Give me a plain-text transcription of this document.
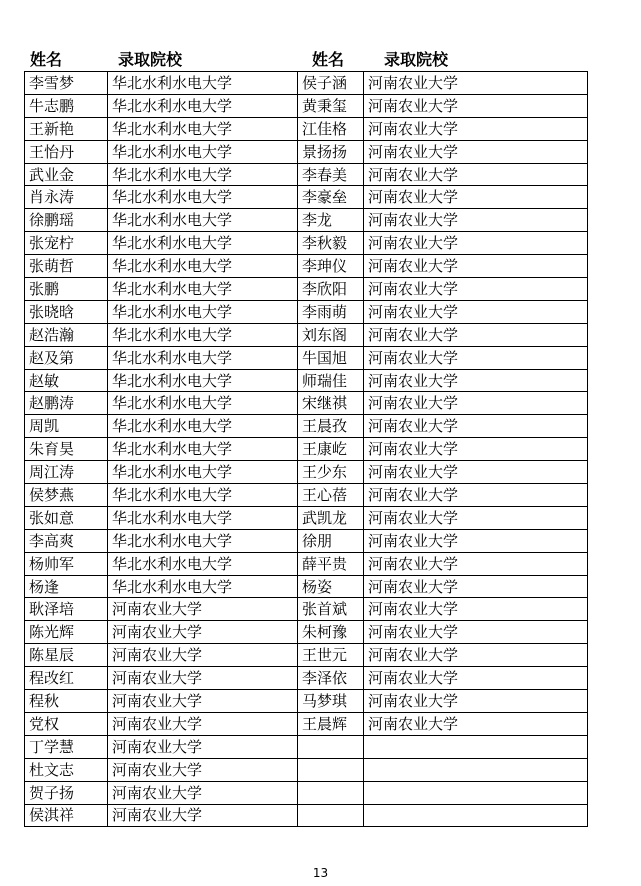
姓名	录取院校	姓名 录取院校
李雪梦	华北水利水电大学	侯子涵	河南农业大学
牛志鹏	华北水利水电大学	黄秉玺	河南农业大学
王新艳	华北水利水电大学	江佳格	河南农业大学
王怡丹	华北水利水电大学	景扬扬	河南农业大学
武业金	华北水利水电大学	李春美	河南农业大学
肖永涛	华北水利水电大学	李豪垒	河南农业大学
徐鹏瑶	华北水利水电大学	李龙	河南农业大学
张宠柠	华北水利水电大学	李秋毅	河南农业大学
张萌哲	华北水利水电大学	李珅仪	河南农业大学
张鹏	华北水利水电大学	李欣阳	河南农业大学
张晓晗	华北水利水电大学	李雨萌	河南农业大学
赵浩瀚	华北水利水电大学	刘东阁	河南农业大学
赵及第	华北水利水电大学	牛国旭	河南农业大学
赵敏	华北水利水电大学	师瑞佳	河南农业大学
赵鹏涛	华北水利水电大学	宋继祺	河南农业大学
周凯	华北水利水电大学	王晨孜	河南农业大学
朱育昊	华北水利水电大学	王康屹	河南农业大学
周江涛	华北水利水电大学	王少东	河南农业大学
侯梦燕	华北水利水电大学	王心蓓	河南农业大学
张如意	华北水利水电大学	武凯龙	河南农业大学
李高爽	华北水利水电大学	徐朋	河南农业大学
杨帅军	华北水利水电大学	薛平贵	河南农业大学
杨逢	华北水利水电大学	杨姿	河南农业大学
耿泽培	河南农业大学	张首斌	河南农业大学
陈光辉	河南农业大学	朱柯豫	河南农业大学
陈星辰	河南农业大学	王世元	河南农业大学
程改红	河南农业大学	李泽依	河南农业大学
程秋	河南农业大学	马梦琪	河南农业大学
党权	河南农业大学	王晨辉	河南农业大学
丁学慧	河南农业大学		
杜文志	河南农业大学		
贺子扬	河南农业大学		
侯淇祥	河南农业大学		
13
